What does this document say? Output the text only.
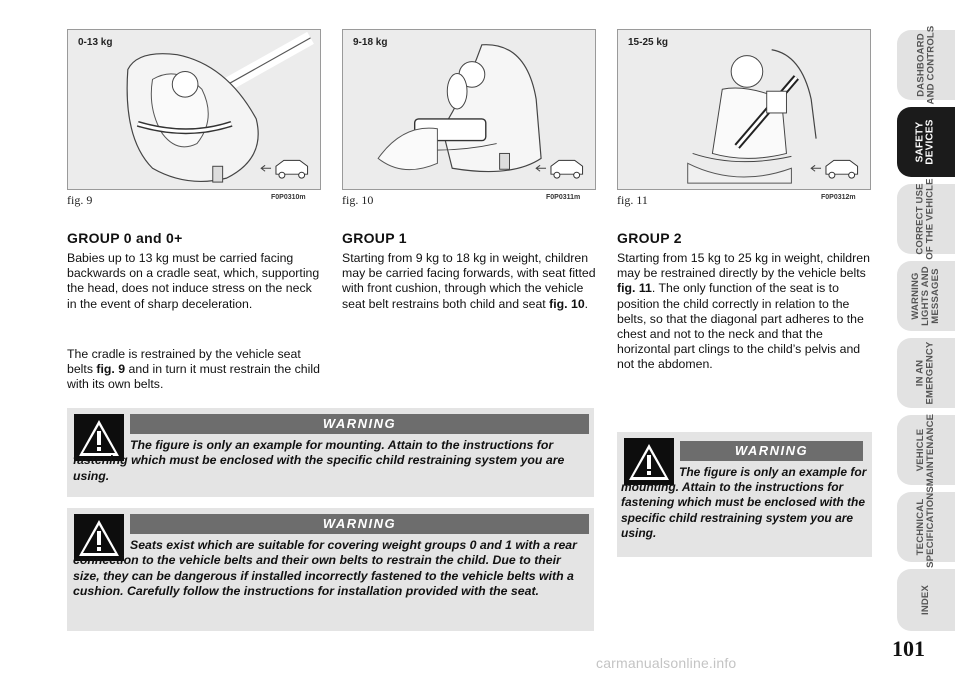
0-13 kg
fig. 9	F0P0310m
9-18 kg
fig. 10	F0P0311m
15-25 kg
fig. 11	F0P0312m
GROUP 0 and 0+
Babies up to 13 kg must be carried facing backwards on a cradle seat, which, supporting the head, does not induce stress on the neck in the event of sharp deceleration.
The cradle is restrained by the vehicle seat belts fig. 9 and in turn it must restrain the child with its own belts.
GROUP 1
Starting from 9 kg to 18 kg in weight, children may be carried facing forwards, with seat fitted with front cushion, through which the vehicle seat belt restrains both child and seat fig. 10.
GROUP 2
Starting from 15 kg to 25 kg in weight, children may be restrained directly by the vehicle belts fig. 11. The only function of the seat is to position the child correctly in relation to the belts, so that the diagonal part adheres to the chest and not to the neck and that the horizontal part clings to the child’s pelvis and not the abdomen.
WARNING
The figure is only an example for mounting. Attain to the instructions for fastening which must be enclosed with the specific child restraining system you are using.
WARNING
Seats exist which are suitable for covering weight groups 0 and 1 with a rear connection to the vehicle belts and their own belts to restrain the child. Due to their size, they can be dangerous if installed incorrectly fastened to the vehicle belts with a cushion. Carefully follow the instructions for installation provided with the seat.
WARNING
The figure is only an example for mounting. Attain to the instructions for fastening which must be enclosed with the specific child restraining system you are using.
DASHBOARD
AND CONTROLS
SAFETY
DEVICES
CORRECT USE
OF THE VEHICLE
WARNING
LIGHTS AND
MESSAGES
IN AN
EMERGENCY
VEHICLE
MAINTENANCE
TECHNICAL
SPECIFICATIONS
INDEX
101
carmanualsonline.info
